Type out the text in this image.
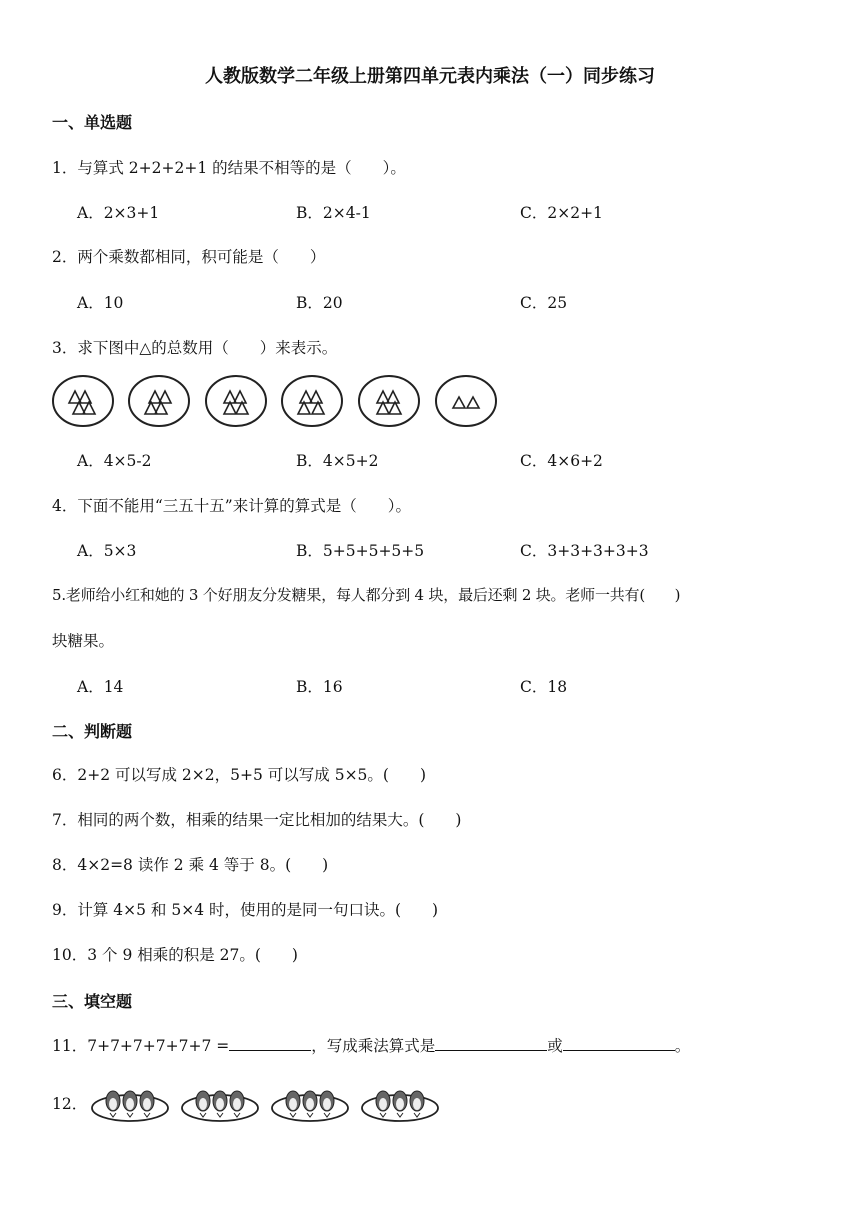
人教版数学二年级上册第四单元表内乘法（一）同步练习
一、单选题
1．与算式 2+2+2+1 的结果不相等的是（　　）。
A．2×3+1	B．2×4-1	C．2×2+1
2．两个乘数都相同，积可能是（　　）
A．10	B．20	C．25
3．求下图中△的总数用（　　）来表示。
A．4×5-2	B．4×5+2	C．4×6+2
4．下面不能用“三五十五”来计算的算式是（　　）。
A．5×3	B．5+5+5+5+5	C．3+3+3+3+3
5.老师给小红和她的 3 个好朋友分发糖果，每人都分到 4 块，最后还剩 2 块。老师一共有(　　)
块糖果。
A．14	B．16	C．18
二、判断题
6．2+2 可以写成 2×2，5+5 可以写成 5×5。(　　)
7．相同的两个数，相乘的结果一定比相加的结果大。(　　)
8．4×2=8 读作 2 乘 4 等于 8。(　　)
9．计算 4×5 和 5×4 时，使用的是同一句口诀。(　　)
10．3 个 9 相乘的积是 27。(　　)
三、填空题
11．7+7+7+7+7+7 =	，写成乘法算式是	或	。
12．
